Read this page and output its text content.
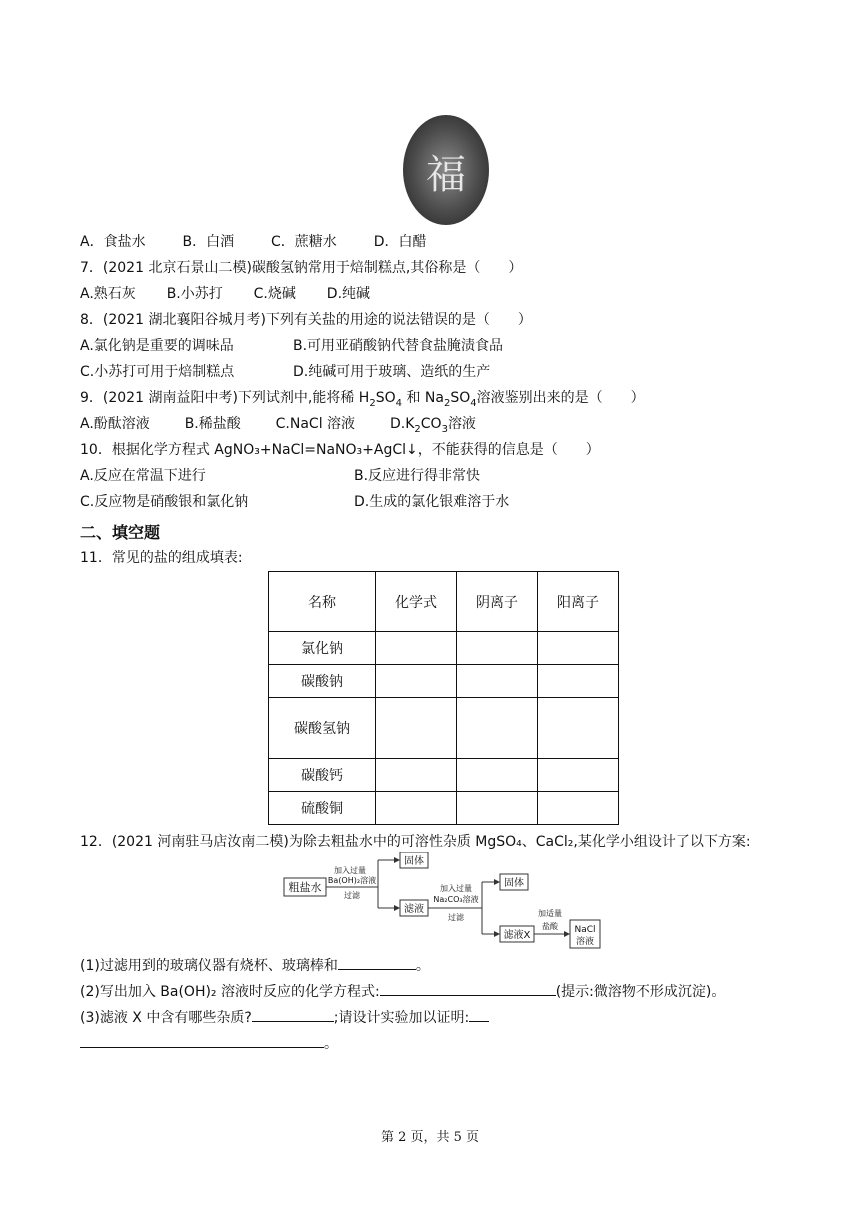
福
A．食盐水	B．白酒	C．蔗糖水	D．白醋
7．(2021 北京石景山二模)碳酸氢钠常用于焙制糕点,其俗称是（　　）
A.熟石灰 B.小苏打 C.烧碱 D.纯碱
8．(2021 湖北襄阳谷城月考)下列有关盐的用途的说法错误的是（　　）
A.氯化钠是重要的调味品	B.可用亚硝酸钠代替食盐腌渍食品
C.小苏打可用于焙制糕点	D.纯碱可用于玻璃、造纸的生产
9．(2021 湖南益阳中考)下列试剂中,能将稀 $H_2SO_4$ 和 $Na_2SO_4$溶液鉴别出来的是（　　）
A.酚酞溶液 B.稀盐酸 C.NaCl 溶液 $D.K_2CO_3$溶液
10．根据化学方程式 AgNO₃+NaCl=NaNO₃+AgCl↓，不能获得的信息是（　　）
A.反应在常温下进行	B.反应进行得非常快
C.反应物是硝酸银和氯化钠	D.生成的氯化银难溶于水
二、填空题
11．常见的盐的组成填表:
名称	化学式	阴离子	阳离子
氯化钠			
碳酸钠			
碳酸氢钠			
碳酸钙			
硫酸铜			
12．(2021 河南驻马店汝南二模)为除去粗盐水中的可溶性杂质 MgSO₄、CaCl₂,某化学小组设计了以下方案:
粗盐水
加入过量
Ba(OH)₂溶液
过滤
固体
滤液
加入过量
Na₂CO₃溶液
过滤
固体
滤液X
加适量
盐酸 NaCl
溶液
(1)过滤用到的玻璃仪器有烧杯、玻璃棒和	。
(2)写出加入 Ba(OH)₂ 溶液时反应的化学方程式:	(提示:微溶物不形成沉淀)。
(3)滤液 X 中含有哪些杂质?	;请设计实验加以证明:
。
第 2 页，共 5 页
